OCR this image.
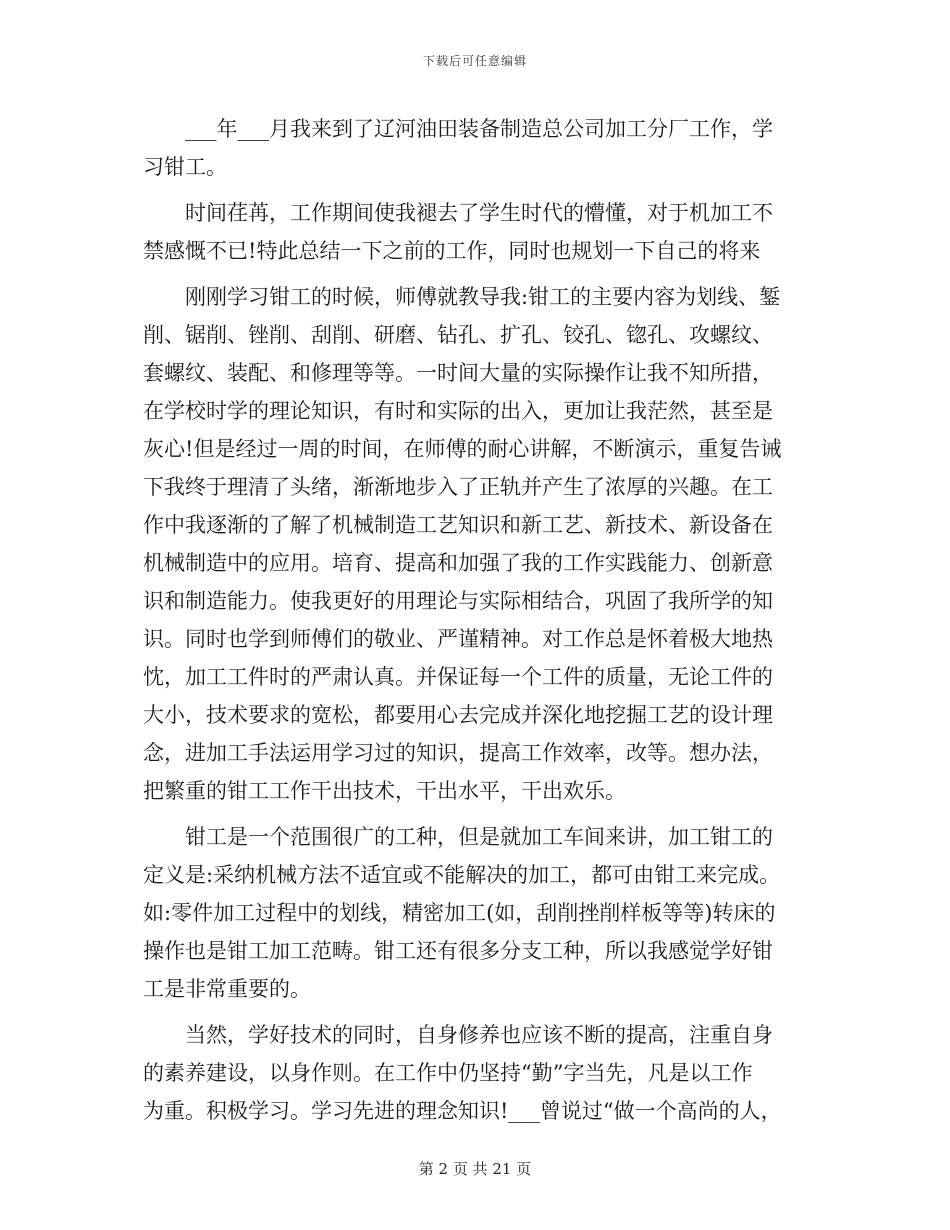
下载后可任意编辑
___年___月我来到了辽河油田装备制造总公司加工分厂工作，学
习钳工。
时间荏苒，工作期间使我褪去了学生时代的懵懂，对于机加工不
禁感慨不已!特此总结一下之前的工作，同时也规划一下自己的将来
刚刚学习钳工的时候，师傅就教导我:钳工的主要内容为划线、錾
削、锯削、锉削、刮削、研磨、钻孔、扩孔、铰孔、锪孔、攻螺纹、
套螺纹、装配、和修理等等。一时间大量的实际操作让我不知所措，
在学校时学的理论知识，有时和实际的出入，更加让我茫然，甚至是
灰心!但是经过一周的时间，在师傅的耐心讲解，不断演示，重复告诫
下我终于理清了头绪，渐渐地步入了正轨并产生了浓厚的兴趣。在工
作中我逐渐的了解了机械制造工艺知识和新工艺、新技术、新设备在
机械制造中的应用。培育、提高和加强了我的工作实践能力、创新意
识和制造能力。使我更好的用理论与实际相结合，巩固了我所学的知
识。同时也学到师傅们的敬业、严谨精神。对工作总是怀着极大地热
忱，加工工件时的严肃认真。并保证每一个工件的质量，无论工件的
大小，技术要求的宽松，都要用心去完成并深化地挖掘工艺的设计理
念，进加工手法运用学习过的知识，提高工作效率，改等。想办法，
把繁重的钳工工作干出技术，干出水平，干出欢乐。
钳工是一个范围很广的工种，但是就加工车间来讲，加工钳工的
定义是:采纳机械方法不适宜或不能解决的加工，都可由钳工来完成。
如:零件加工过程中的划线，精密加工(如，刮削挫削样板等等)转床的
操作也是钳工加工范畴。钳工还有很多分支工种，所以我感觉学好钳
工是非常重要的。
当然，学好技术的同时，自身修养也应该不断的提高，注重自身
的素养建设，以身作则。在工作中仍坚持“勤”字当先，凡是以工作
为重。积极学习。学习先进的理念知识!___曾说过“做一个高尚的人，
第 2 页 共 21 页
